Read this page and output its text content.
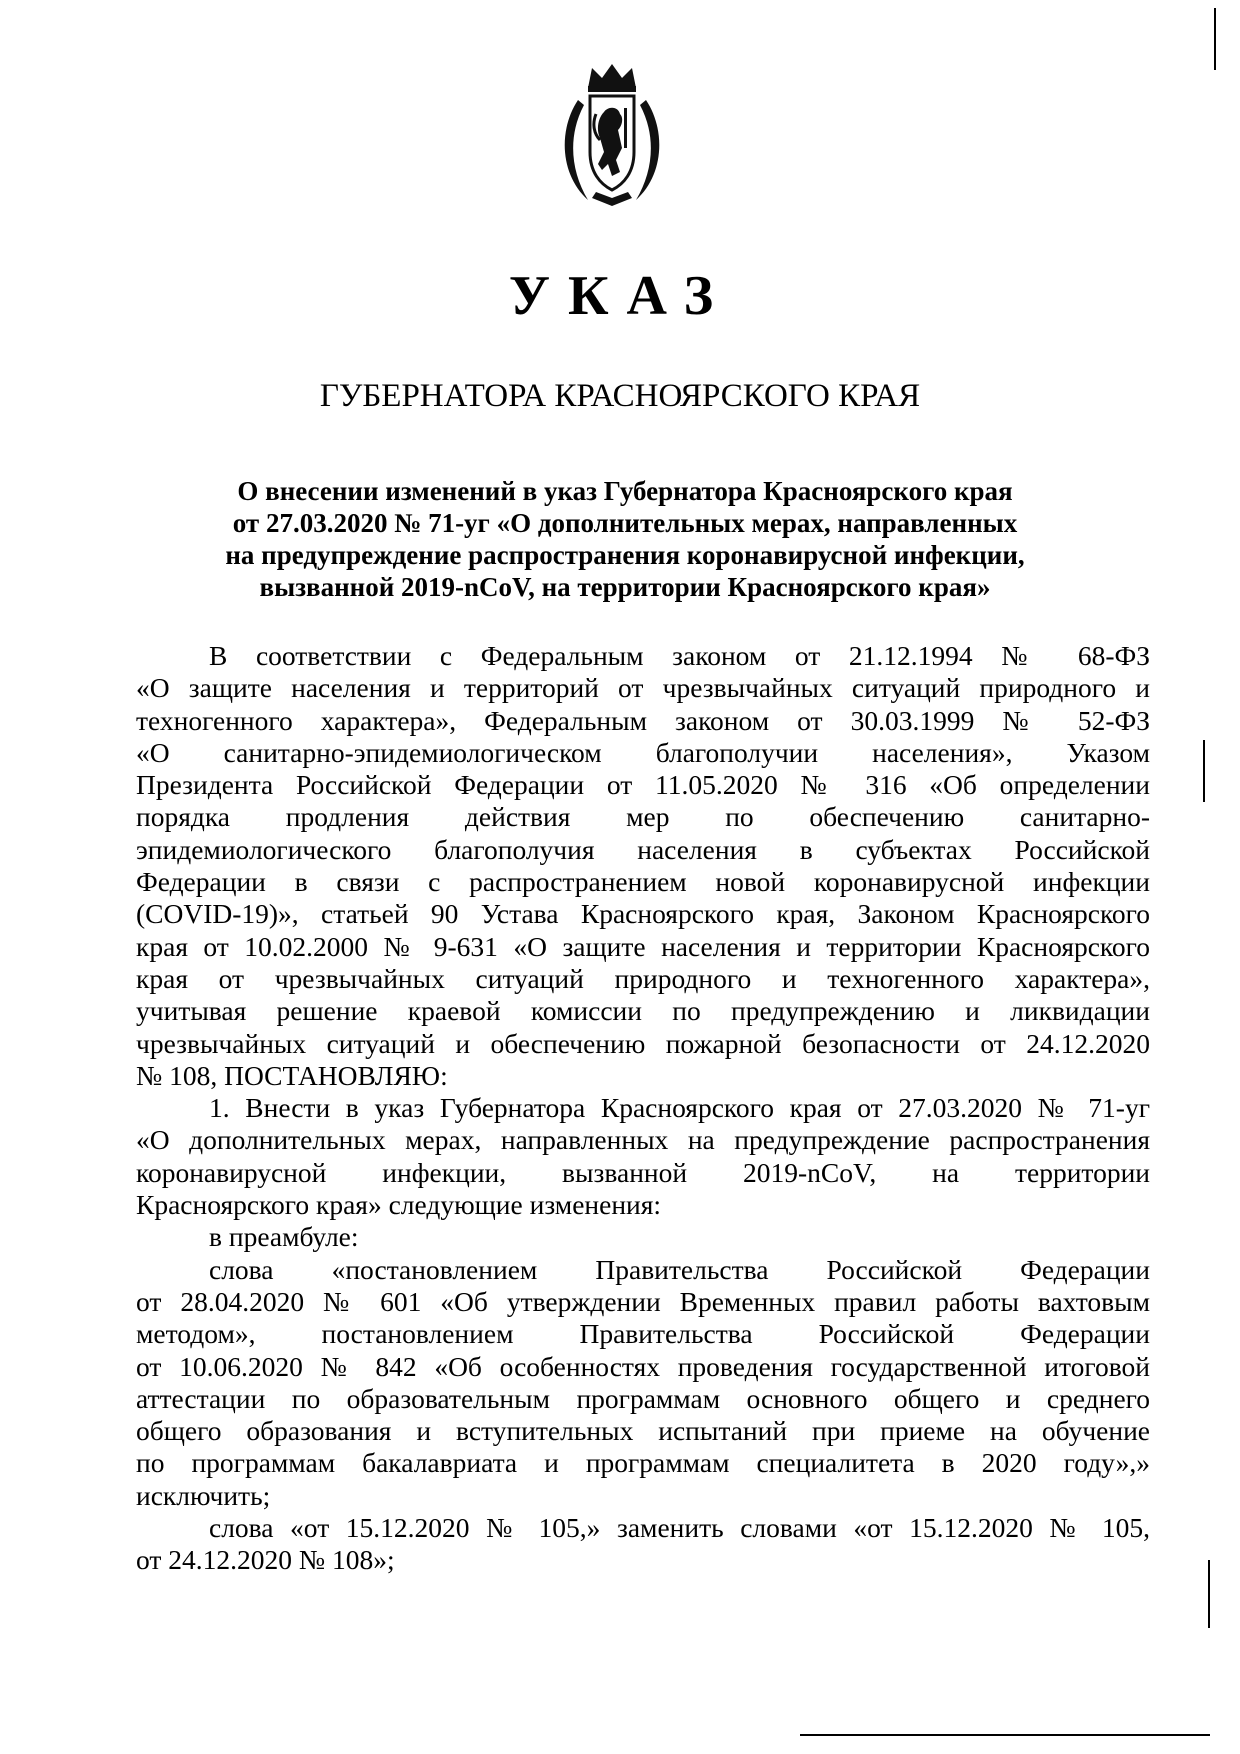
УКАЗ
ГУБЕРНАТОРА КРАСНОЯРСКОГО КРАЯ
О внесении изменений в указ Губернатора Красноярского края
от 27.03.2020 № 71-уг «О дополнительных мерах, направленных
на предупреждение распространения коронавирусной инфекции,
вызванной 2019-nCoV, на территории Красноярского края»
В соответствии с Федеральным законом от 21.12.1994 № 68-ФЗ
«О защите населения и территорий от чрезвычайных ситуаций природного и
техногенного характера», Федеральным законом от 30.03.1999 № 52-ФЗ
«О санитарно-эпидемиологическом благополучии населения», Указом
Президента Российской Федерации от 11.05.2020 № 316 «Об определении
порядка продления действия мер по обеспечению санитарно-
эпидемиологического благополучия населения в субъектах Российской
Федерации в связи с распространением новой коронавирусной инфекции
(COVID-19)», статьей 90 Устава Красноярского края, Законом Красноярского
края от 10.02.2000 № 9-631 «О защите населения и территории Красноярского
края от чрезвычайных ситуаций природного и техногенного характера»,
учитывая решение краевой комиссии по предупреждению и ликвидации
чрезвычайных ситуаций и обеспечению пожарной безопасности от 24.12.2020
№ 108, ПОСТАНОВЛЯЮ:
1. Внести в указ Губернатора Красноярского края от 27.03.2020 № 71-уг
«О дополнительных мерах, направленных на предупреждение распространения
коронавирусной инфекции, вызванной 2019-nCoV, на территории
Красноярского края» следующие изменения:
в преамбуле:
слова «постановлением Правительства Российской Федерации
от 28.04.2020 № 601 «Об утверждении Временных правил работы вахтовым
методом», постановлением Правительства Российской Федерации
от 10.06.2020 № 842 «Об особенностях проведения государственной итоговой
аттестации по образовательным программам основного общего и среднего
общего образования и вступительных испытаний при приеме на обучение
по программам бакалавриата и программам специалитета в 2020 году»,»
исключить;
слова «от 15.12.2020 № 105,» заменить словами «от 15.12.2020 № 105,
от 24.12.2020 № 108»;
